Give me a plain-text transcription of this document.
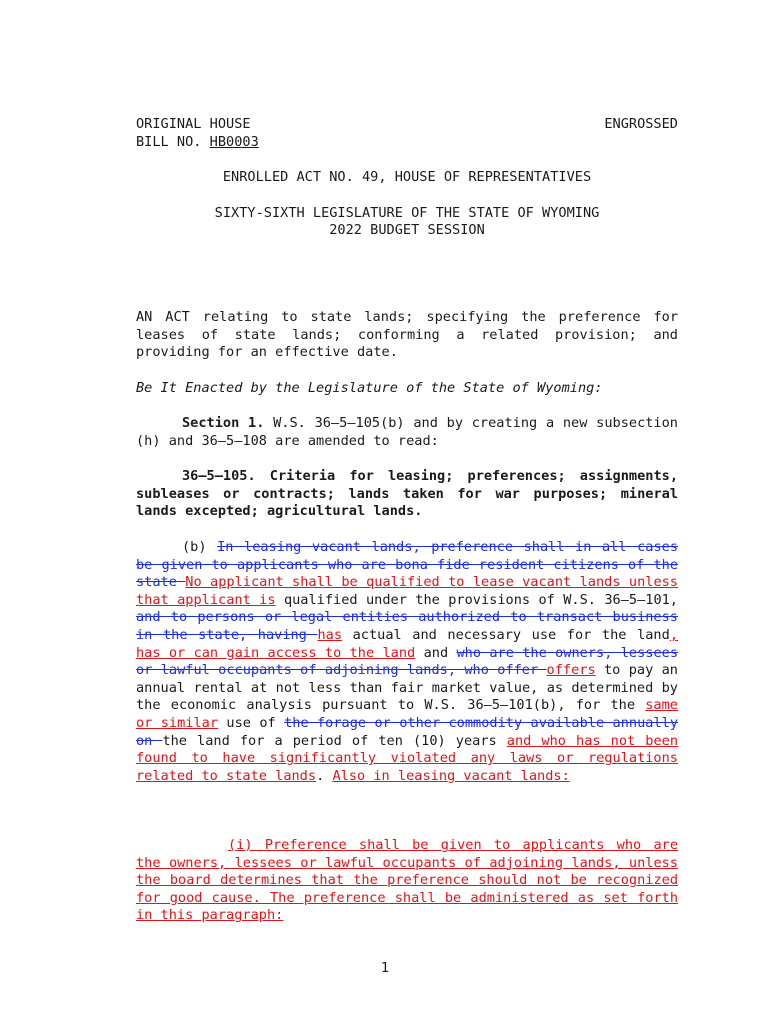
ORIGINAL HOUSE	ENGROSSED
BILL NO. HB0003
ENROLLED ACT NO. 49, HOUSE OF REPRESENTATIVES
SIXTY-SIXTH LEGISLATURE OF THE STATE OF WYOMING
2022 BUDGET SESSION
AN ACT relating to state lands; specifying the preference for leases of state lands; conforming a related provision; and providing for an effective date.
Be It Enacted by the Legislature of the State of Wyoming:
Section 1. W.S. 36–5–105(b) and by creating a new subsection (h) and 36–5–108 are amended to read:
36–5–105. Criteria for leasing; preferences; assignments, subleases or contracts; lands taken for war purposes; mineral lands excepted; agricultural lands.
(b) In leasing vacant lands, preference shall in all cases be given to applicants who are bona fide resident citizens of the state No applicant shall be qualified to lease vacant lands unless that applicant is qualified under the provisions of W.S. 36–5–101, and to persons or legal entities authorized to transact business in the state, having has actual and necessary use for the land, has or can gain access to the land and who are the owners, lessees or lawful occupants of adjoining lands, who offer offers to pay an annual rental at not less than fair market value, as determined by the economic analysis pursuant to W.S. 36–5–101(b), for the same or similar use of the forage or other commodity available annually on the land for a period of ten (10) years and who has not been found to have significantly violated any laws or regulations related to state lands. Also in leasing vacant lands:
(i) Preference shall be given to applicants who are the owners, lessees or lawful occupants of adjoining lands, unless the board determines that the preference should not be recognized for good cause. The preference shall be administered as set forth in this paragraph:
1
